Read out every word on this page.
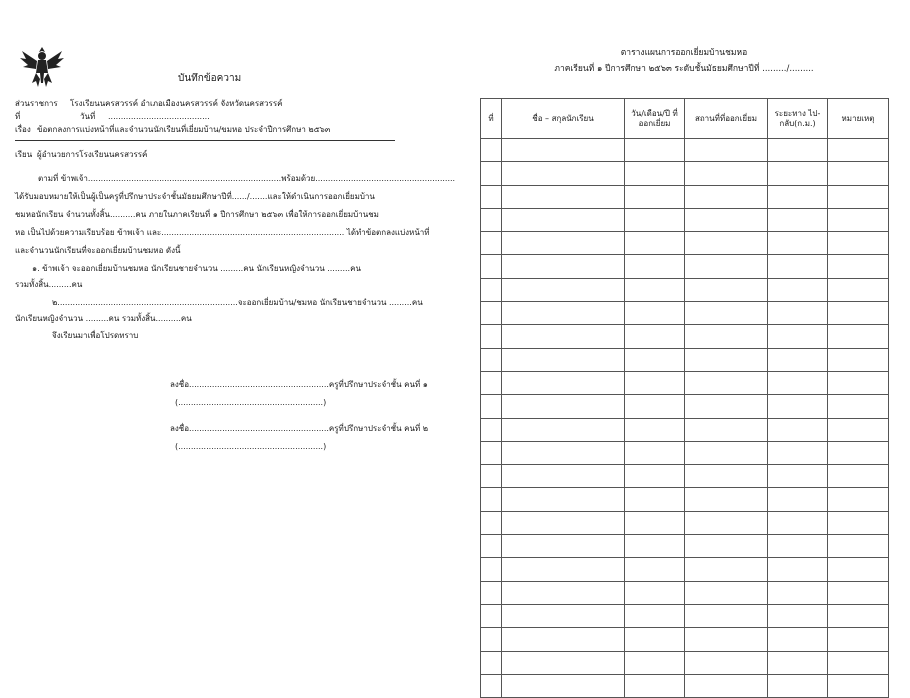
บันทึกข้อความ
ส่วนราชการ โรงเรียนนครสวรรค์ อำเภอเมืองนครสวรรค์ จังหวัดนครสวรรค์
ที่	วันที่ ........................................
เรื่อง ข้อตกลงการแบ่งหน้าที่และจำนวนนักเรียนที่เยี่ยมบ้าน/ขมหอ ประจำปีการศึกษา ๒๕๖๓
เรียน ผู้อำนวยการโรงเรียนนครสวรรค์
ตามที่ ข้าพเจ้า............................................................................พร้อมด้วย.......................................................
ได้รับมอบหมายให้เป็นผู้เป็นครูที่ปรึกษาประจำชั้นมัธยมศึกษาปีที่....../.......และให้ดำเนินการออกเยี่ยมบ้าน
ชมหอนักเรียน จำนวนทั้งสิ้น..........คน ภายในภาคเรียนที่ ๑ ปีการศึกษา ๒๕๖๓ เพื่อให้การออกเยี่ยมบ้านชม
หอ เป็นไปด้วยความเรียบร้อย ข้าพเจ้า และ........................................................................ ได้ทำข้อตกลงแบ่งหน้าที่
และจำนวนนักเรียนที่จะออกเยี่ยมบ้านชมหอ ดังนี้
๑. ข้าพเจ้า จะออกเยี่ยมบ้านชมหอ นักเรียนชายจำนวน .........คน นักเรียนหญิงจำนวน .........คน
รวมทั้งสิ้น.........คน
๒.......................................................................จะออกเยี่ยมบ้าน/ชมหอ นักเรียนชายจำนวน .........คน
นักเรียนหญิงจำนวน .........คน รวมทั้งสิ้น..........คน
จึงเรียนมาเพื่อโปรดทราบ
ลงชื่อ.......................................................ครูที่ปรึกษาประจำชั้น คนที่ ๑
(.........................................................)
ลงชื่อ.......................................................ครูที่ปรึกษาประจำชั้น คนที่ ๒
(.........................................................)
ตารางแผนการออกเยี่ยมบ้านชมหอ
ภาคเรียนที่ ๑ ปีการศึกษา ๒๕๖๓ ระดับชั้นมัธยมศึกษาปีที่ ........./.........
ที่	ชื่อ – สกุลนักเรียน	วัน/เดือน/ปี ที่ออกเยี่ยม	สถานที่ที่ออกเยี่ยม	ระยะทาง ไป-กลับ(ก.ม.)	หมายเหตุ
